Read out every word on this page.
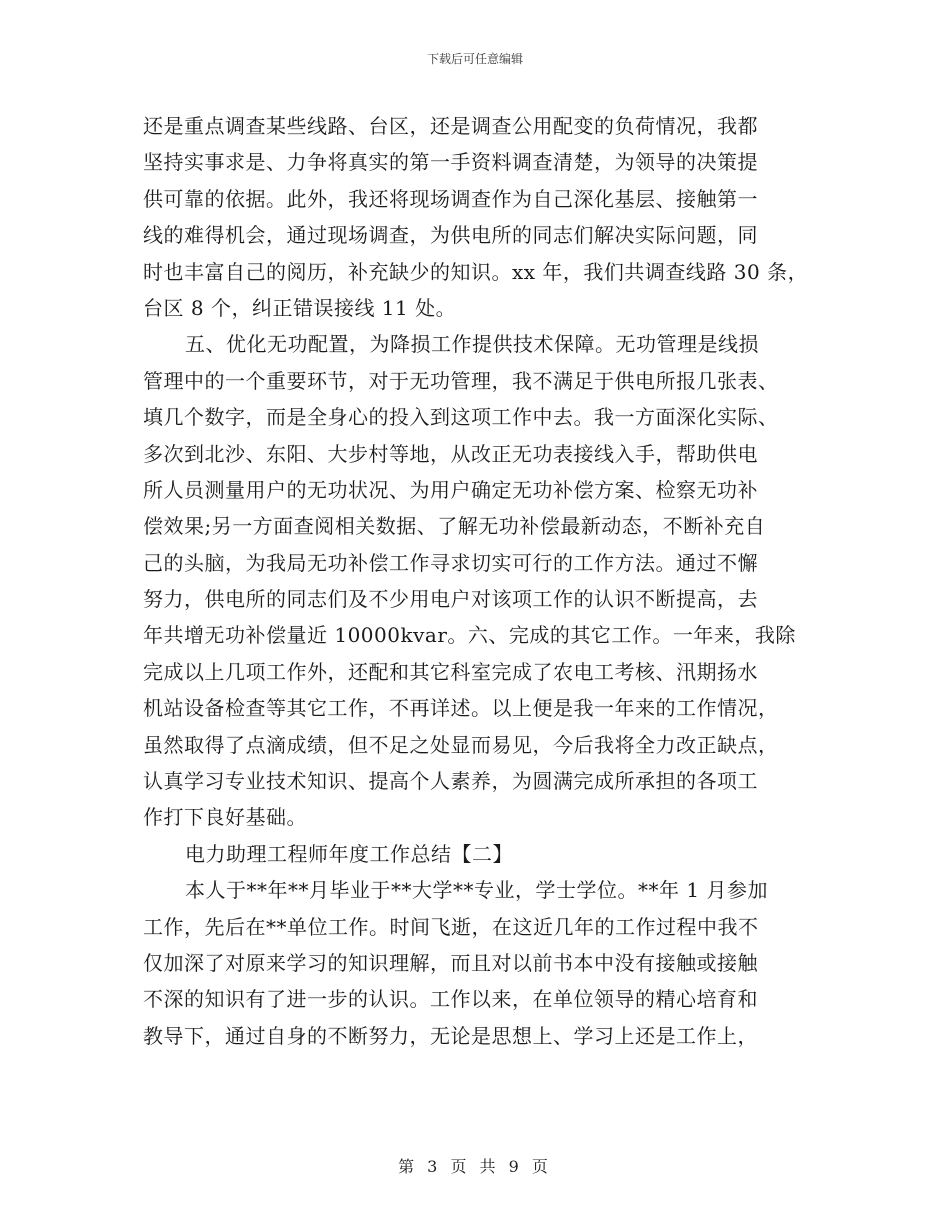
下载后可任意编辑
还是重点调查某些线路、台区，还是调查公用配变的负荷情况，我都
坚持实事求是、力争将真实的第一手资料调查清楚，为领导的决策提
供可靠的依据。此外，我还将现场调查作为自己深化基层、接触第一
线的难得机会，通过现场调查，为供电所的同志们解决实际问题，同
时也丰富自己的阅历，补充缺少的知识。xx 年，我们共调查线路 30 条，
台区 8 个，纠正错误接线 11 处。
五、优化无功配置，为降损工作提供技术保障。无功管理是线损
管理中的一个重要环节，对于无功管理，我不满足于供电所报几张表、
填几个数字，而是全身心的投入到这项工作中去。我一方面深化实际、
多次到北沙、东阳、大步村等地，从改正无功表接线入手，帮助供电
所人员测量用户的无功状况、为用户确定无功补偿方案、检察无功补
偿效果;另一方面查阅相关数据、了解无功补偿最新动态，不断补充自
己的头脑，为我局无功补偿工作寻求切实可行的工作方法。通过不懈
努力，供电所的同志们及不少用电户对该项工作的认识不断提高，去
年共增无功补偿量近 10000kvar。六、完成的其它工作。一年来，我除
完成以上几项工作外，还配和其它科室完成了农电工考核、汛期扬水
机站设备检查等其它工作，不再详述。以上便是我一年来的工作情况，
虽然取得了点滴成绩，但不足之处显而易见，今后我将全力改正缺点，
认真学习专业技术知识、提高个人素养，为圆满完成所承担的各项工
作打下良好基础。
电力助理工程师年度工作总结【二】
本人于**年**月毕业于**大学**专业，学士学位。**年 1 月参加
工作，先后在**单位工作。时间飞逝，在这近几年的工作过程中我不
仅加深了对原来学习的知识理解，而且对以前书本中没有接触或接触
不深的知识有了进一步的认识。工作以来，在单位领导的精心培育和
教导下，通过自身的不断努力，无论是思想上、学习上还是工作上，
第 3 页 共 9 页
